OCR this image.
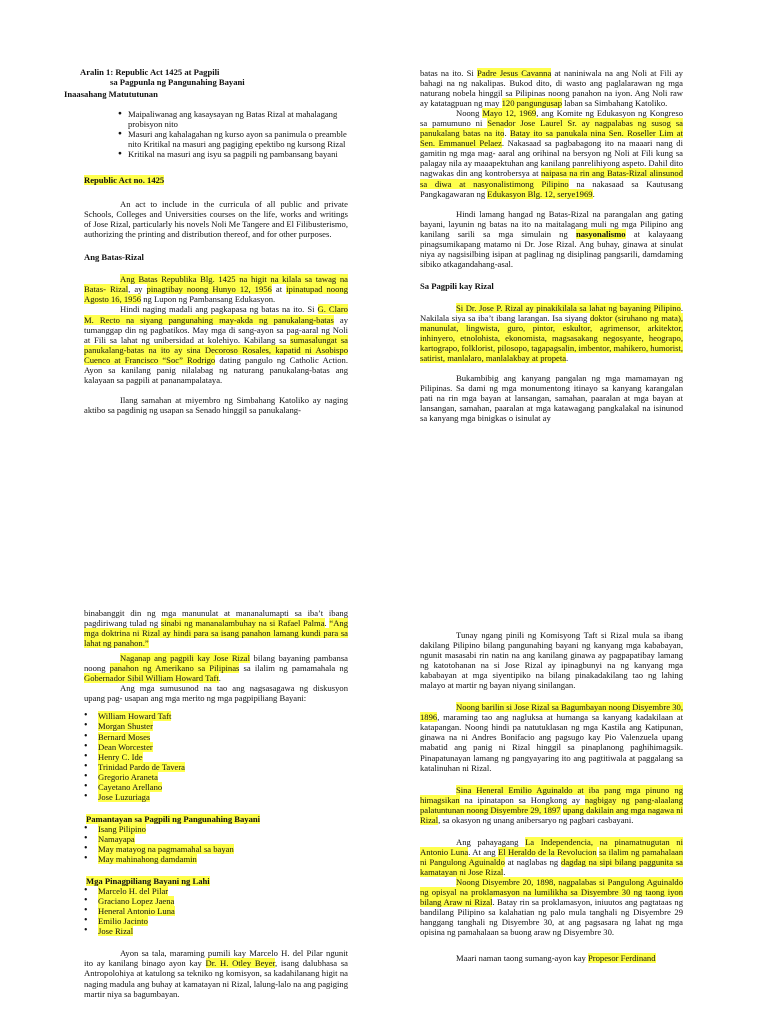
Aralin 1: Republic Act 1425 at Pagpili
sa Pagpunla ng Pangunahing Bayani
Inaasahang Matututunan
● Maipaliwanag ang kasaysayan ng Batas Rizal at mahalagang probisyon nito
● Masuri ang kahalagahan ng kurso ayon sa panimula o preamble nito Kritikal na masuri ang pagiging epektibo ng kursong Rizal
● Kritikal na masuri ang isyu sa pagpili ng pambansang bayani
Republic Act no. 1425

An act to include in the curricula of all public and private Schools, Colleges and Universities courses on the life, works and writings of Jose Rizal, particularly his novels Noli Me Tangere and El Filibusterismo, authorizing the printing and distribution thereof, and for other purposes.

Ang Batas-Rizal

Ang Batas Republika Blg. 1425 na higit na kilala sa tawag na Batas- Rizal, ay pinagtibay noong Hunyo 12, 1956 at ipinatupad noong Agosto 16, 1956 ng Lupon ng Pambansang Edukasyon.

Hindi naging madali ang pagkapasa ng batas na ito. Si G. Claro M. Recto na siyang pangunahing may-akda ng panukalang-batas ay tumanggap din ng pagbatikos. May mga di sang-ayon sa pag-aaral ng Noli at Fili sa lahat ng unibersidad at kolehiyo. Kabilang sa sumasalungat sa panukalang-batas na ito ay sina Decoroso Rosales, kapatid ni Asobispo Cuenco at Francisco “Soc” Rodrigo dating pangulo ng Catholic Action. Ayon sa kanilang panig nilalabag ng naturang panukalang-batas ang kalayaan sa pagpili at pananampalataya.

Ilang samahan at miyembro ng Simbahang Katoliko ay naging aktibo sa pagdinig ng usapan sa Senado hinggil sa panukalang-

batas na ito. Si Padre Jesus Cavanna at naniniwala na ang Noli at Fili ay bahagi na ng nakalipas. Bukod dito, di wasto ang paglalarawan ng mga naturang nobela hinggil sa Pilipinas noong panahon na iyon. Ang Noli raw ay katatagpuan ng may 120 pangungusap laban sa Simbahang Katoliko.

Noong Mayo 12, 1969, ang Komite ng Edukasyon ng Kongreso sa pamumuno ni Senador Jose Laurel Sr. ay nagpalabas ng susog sa panukalang batas na ito. Batay ito sa panukala nina Sen. Roseller Lim at Sen. Emmanuel Pelaez. Nakasaad sa pagbabagong ito na maaari nang di gamitin ng mga mag- aaral ang orihinal na bersyon ng Noli at Fili kung sa palagay nila ay maaapektuhan ang kanilang panrelihiyong aspeto. Dahil dito nagwakas din ang kontrobersya at naipasa na rin ang Batas-Rizal alinsunod sa diwa at nasyonalistimong Pilipino na nakasaad sa Kautusang Pangkagawaran ng Edukasyon Blg. 12, serye1969.

Hindi lamang hangad ng Batas-Rizal na parangalan ang gating bayani, layunin ng batas na ito na maitalagang muli ng mga Pilipino ang kanilang sarili sa mga simulain ng nasyonalismo at kalayaang pinagsumikapang matamo ni Dr. Jose Rizal. Ang buhay, ginawa at sinulat niya ay nagsisilbing isipan at paglinag ng disiplinag pangsarili, damdaming sibiko atkagandahang-asal.

Sa Pagpili kay Rizal

Si Dr. Jose P. Rizal ay pinakikilala sa lahat ng bayaning Pilipino. Nakilala siya sa iba’t ibang larangan. Isa siyang doktor (siruhano ng mata), manunulat, lingwista, guro, pintor, eskultor, agrimensor, arkitektor, inhinyero, etnolohista, ekonomista, magsasakang negosyante, heograpo, kartograpo, folklorist, pilosopo, tagapagsalin, imbentor, mahikero, humorist, satirist, manlalaro, manlalakbay at propeta.

Bukambibig ang kanyang pangalan ng mga mamamayan ng Pilipinas. Sa dami ng mga monumentong itinayo sa kanyang karangalan pati na rin mga bayan at lansangan, samahan, paaralan at mga bayan at lansangan, samahan, paaralan at mga katawagang pangkalakal na isinunod sa kanyang mga binigkas o isinulat ay

binabanggit din ng mga manunulat at mananalumapti sa iba’t ibang pagdiriwang tulad ng sinabi ng mananalambuhay na si Rafael Palma. “Ang mga doktrina ni Rizal ay hindi para sa isang panahon lamang kundi para sa lahat ng panahon.”

Naganap ang pagpili kay Jose Rizal bilang bayaning pambansa noong panahon ng Amerikano sa Pilipinas sa ilalim ng pamamahala ng Gobernador Sibil William Howard Taft.

Ang mga sumusunod na tao ang nagsasagawa ng diskusyon upang pag- usapan ang mga merito ng mga pagpipiliang Bayani:

• William Howard Taft
• Morgan Shuster
• Bernard Moses
• Dean Worcester
• Henry C. Ide
• Trinidad Pardo de Tavera
• Gregorio Araneta
• Cayetano Arellano
• Jose Luzuriaga
Pamantayan sa Pagpili ng Pangunahing Bayani
• Isang Pilipino
• Namayapa
• May matayog na pagmamahal sa bayan
• May mahinahong damdamin
Mga Pinagpiliang Bayani ng Lahi
• Marcelo H. del Pilar
• Graciano Lopez Jaena
• Heneral Antonio Luna
• Emilio Jacinto
• Jose Rizal

Ayon sa tala, maraming pumili kay Marcelo H. del Pilar ngunit ito ay kanilang binago ayon kay Dr. H. Otley Beyer, isang dalubhasa sa Antropolohiya at katulong sa tekniko ng komisyon, sa kadahilanang higit na naging madula ang buhay at kamatayan ni Rizal, lalung-lalo na ang pagiging martir niya sa bagumbayan.

Tunay ngang pinili ng Komisyong Taft si Rizal mula sa ibang dakilang Pilipino bilang pangunahing bayani ng kanyang mga kababayan, ngunit masasabi rin natin na ang kanilang ginawa ay pagpapatibay lamang ng katotohanan na si Jose Rizal ay ipinagbunyi na ng kanyang mga kababayan at mga siyentipiko na bilang pinakadakilang tao ng lahing malayo at martir ng bayan niyang sinilangan.

Noong barilin si Jose Rizal sa Bagumbayan noong Disyembre 30, 1896, maraming tao ang nagluksa at humanga sa kanyang kadakilaan at katapangan. Noong hindi pa natutuklasan ng mga Kastila ang Katipunan, ginawa na ni Andres Bonifacio ang pagsugo kay Pio Valenzuela upang mabatid ang panig ni Rizal hinggil sa pinaplanong paghihimagsik. Pinapatunayan lamang ng pangyayaring ito ang pagtitiwala at paggalang sa katalinuhan ni Rizal.

Sina Heneral Emilio Aguinaldo at iba pang mga pinuno ng himagsikan na ipinatapon sa Hongkong ay nagbigay ng pang-alaalang palatuntunan noong Disyembre 29, 1897 upang dakilain ang mga nagawa ni Rizal, sa okasyon ng unang anibersaryo ng pagbari casbayani.

Ang pahayagang La Independencia, na pinamatnugutan ni Antonio Luna. At ang El Heraldo de la Revolucion sa ilalim ng pamahalaan ni Pangulong Aguinaldo at naglabas ng dagdag na sipi bilang paggunita sa kamatayan ni Jose Rizal.

Noong Disyembre 20, 1898, nagpalabas si Pangulong Aguinaldo ng opisyal na proklamasyon na lumilikha sa Disyembre 30 ng taong iyon bilang Araw ni Rizal. Batay rin sa proklamasyon, iniuutos ang pagtataas ng bandilang Pilipino sa kalahatian ng palo mula tanghali ng Disyembre 29 hanggang tanghali ng Disyembre 30, at ang pagsasara ng lahat ng mga opisina ng pamahalaan sa buong araw ng Disyembre 30.

Maari naman taong sumang-ayon kay Propesor Ferdinand
